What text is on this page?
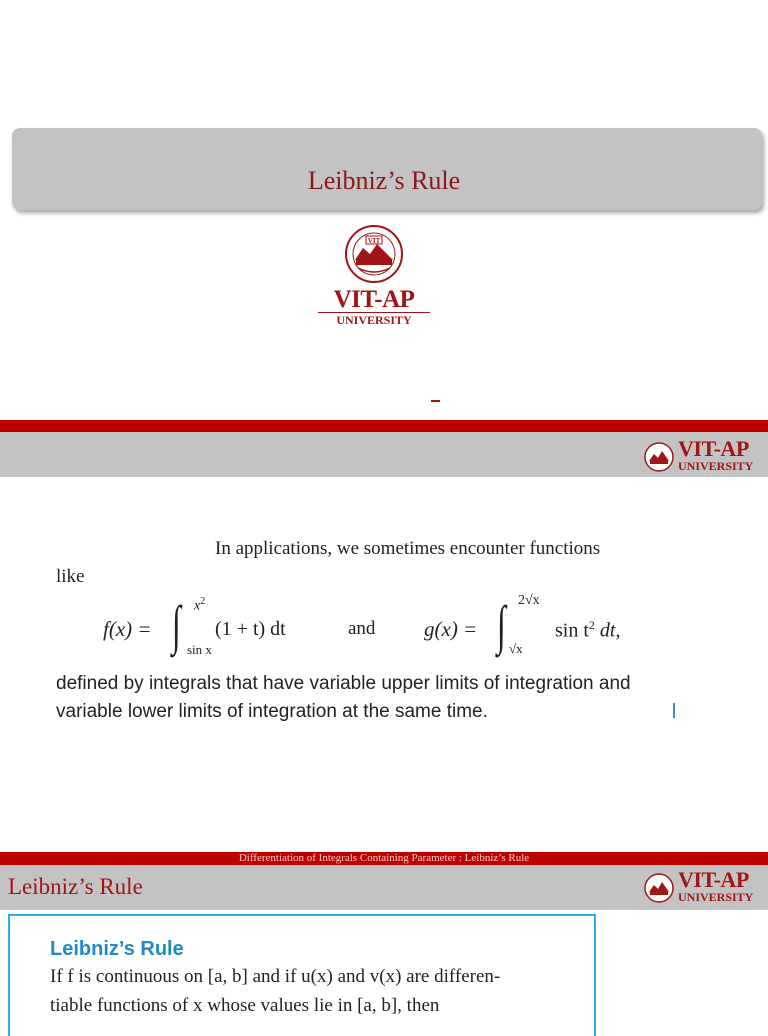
Leibniz’s Rule
VIT
VIT-AP
UNIVERSITY
VIT-AP
UNIVERSITY
In applications, we sometimes encounter functions
like
f(x) = ∫ $x^2$
sin x
(1 + t) dt	and g(x) = ∫ 2√x
√x
$\sin t^2$ dt,
defined by integrals that have variable upper limits of integration and
variable lower limits of integration at the same time.
Differentiation of Integrals Containing Parameter : Leibniz’s Rule
Leibniz’s Rule	VIT-AP
UNIVERSITY
Leibniz’s Rule
If f is continuous on [a, b] and if u(x) and v(x) are differen-
tiable functions of x whose values lie in [a, b], then
